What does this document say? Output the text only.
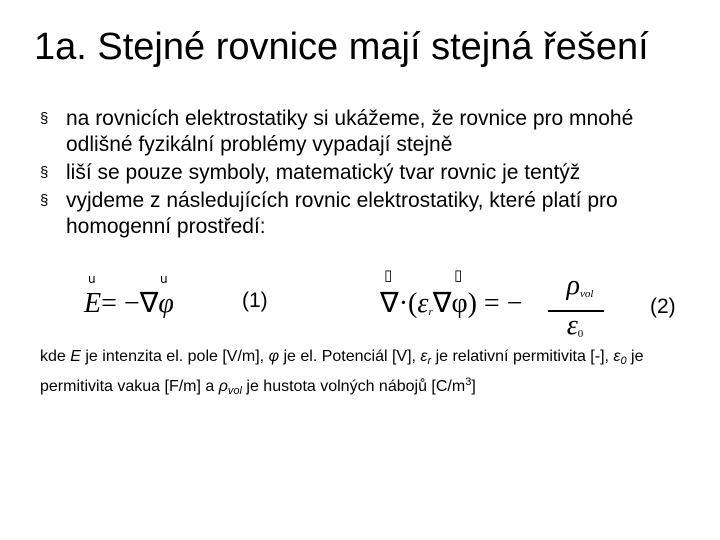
1a. Stejné rovnice mají stejná řešení
§ na rovnicích elektrostatiky si ukážeme, že rovnice pro mnohé odlišné fyzikální problémy vypadají stejně
§ liší se pouze symboly, matematický tvar rovnic je tentýž
§ vyjdeme z následujících rovnic elektrostatiky, které platí pro homogenní prostředí:
u	u
E= −∇φ	(1)
▯	▯
$\nabla\cdot(\varepsilon_r\nabla\varphi)$ = −
$\rho_{vol}$
$\varepsilon_0$
(2)
kde E je intenzita el. pole [V/m], φ je el. Potenciál [V], $\varepsilon_r$ je relativní permitivita [-], $\varepsilon_0$ je permitivita vakua [F/m] a $\rho_{vol}$ je hustota volných nábojů $[C/m^3]$
